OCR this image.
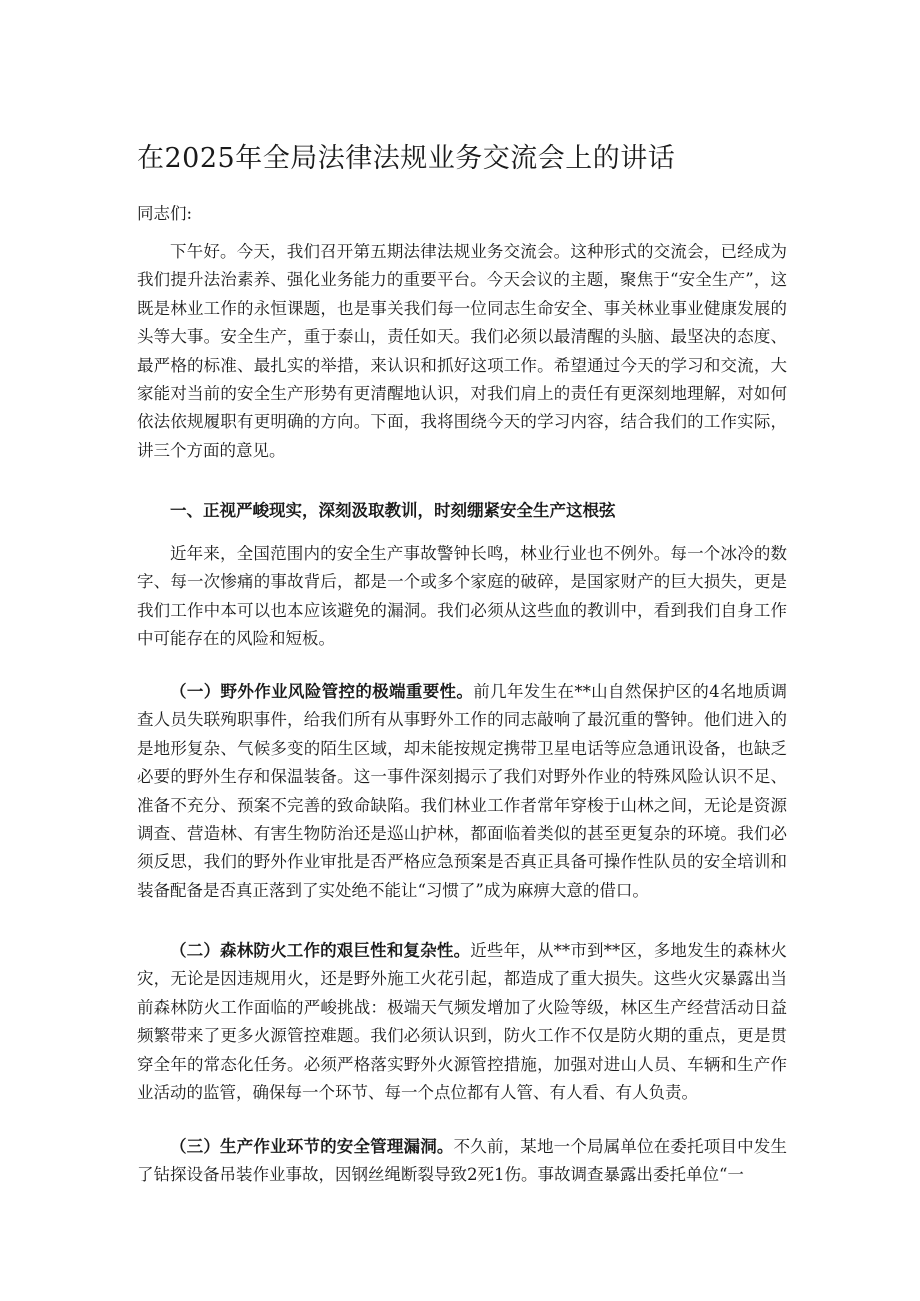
在2025年全局法律法规业务交流会上的讲话

同志们:

下午好。今天，我们召开第五期法律法规业务交流会。这种形式的交流会，已经成为我们提升法治素养、强化业务能力的重要平台。今天会议的主题，聚焦于“安全生产”，这既是林业工作的永恒课题，也是事关我们每一位同志生命安全、事关林业事业健康发展的头等大事。安全生产，重于泰山，责任如天。我们必须以最清醒的头脑、最坚决的态度、最严格的标准、最扎实的举措，来认识和抓好这项工作。希望通过今天的学习和交流，大家能对当前的安全生产形势有更清醒地认识，对我们肩上的责任有更深刻地理解，对如何依法依规履职有更明确的方向。下面，我将围绕今天的学习内容，结合我们的工作实际，讲三个方面的意见。

一、正视严峻现实，深刻汲取教训，时刻绷紧安全生产这根弦

近年来，全国范围内的安全生产事故警钟长鸣，林业行业也不例外。每一个冰冷的数字、每一次惨痛的事故背后，都是一个或多个家庭的破碎，是国家财产的巨大损失，更是我们工作中本可以也本应该避免的漏洞。我们必须从这些血的教训中，看到我们自身工作中可能存在的风险和短板。

（一）野外作业风险管控的极端重要性。前几年发生在**山自然保护区的4名地质调查人员失联殉职事件，给我们所有从事野外工作的同志敲响了最沉重的警钟。他们进入的是地形复杂、气候多变的陌生区域，却未能按规定携带卫星电话等应急通讯设备，也缺乏必要的野外生存和保温装备。这一事件深刻揭示了我们对野外作业的特殊风险认识不足、准备不充分、预案不完善的致命缺陷。我们林业工作者常年穿梭于山林之间，无论是资源调查、营造林、有害生物防治还是巡山护林，都面临着类似的甚至更复杂的环境。我们必须反思，我们的野外作业审批是否严格应急预案是否真正具备可操作性队员的安全培训和装备配备是否真正落到了实处绝不能让“习惯了”成为麻痹大意的借口。

（二）森林防火工作的艰巨性和复杂性。近些年，从**市到**区，多地发生的森林火灾，无论是因违规用火，还是野外施工火花引起，都造成了重大损失。这些火灾暴露出当前森林防火工作面临的严峻挑战：极端天气频发增加了火险等级，林区生产经营活动日益频繁带来了更多火源管控难题。我们必须认识到，防火工作不仅是防火期的重点，更是贯穿全年的常态化任务。必须严格落实野外火源管控措施，加强对进山人员、车辆和生产作业活动的监管，确保每一个环节、每一个点位都有人管、有人看、有人负责。

（三）生产作业环节的安全管理漏洞。不久前，某地一个局属单位在委托项目中发生了钻探设备吊装作业事故，因钢丝绳断裂导致2死1伤。事故调查暴露出委托单位“一
